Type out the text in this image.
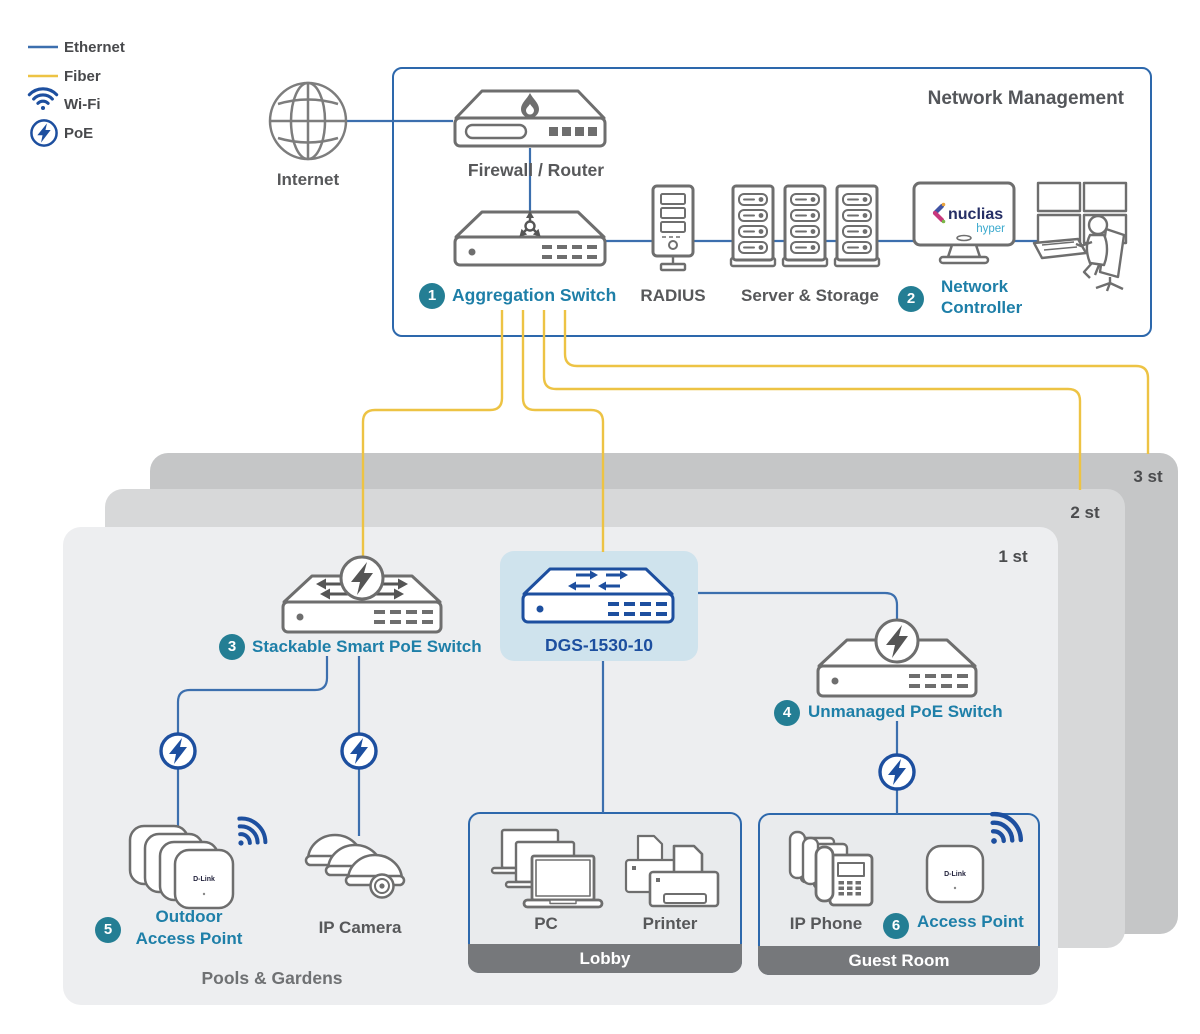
Lobby	Guest Room
nuclias
hyper
D-Link
D-Link
Ethernet
Fiber
Wi-Fi
PoE
Internet
Network Management
Firewall / Router
1 Aggregation Switch RADIUS Server & Storage	2
Network
Controller
3 st
2 st
1 st
3 Stackable Smart PoE Switch	DGS-1530-10
4 Unmanaged PoE Switch
5
Outdoor
Access Point
IP Camera	PC	Printer	IP Phone	6 Access Point
Pools & Gardens
